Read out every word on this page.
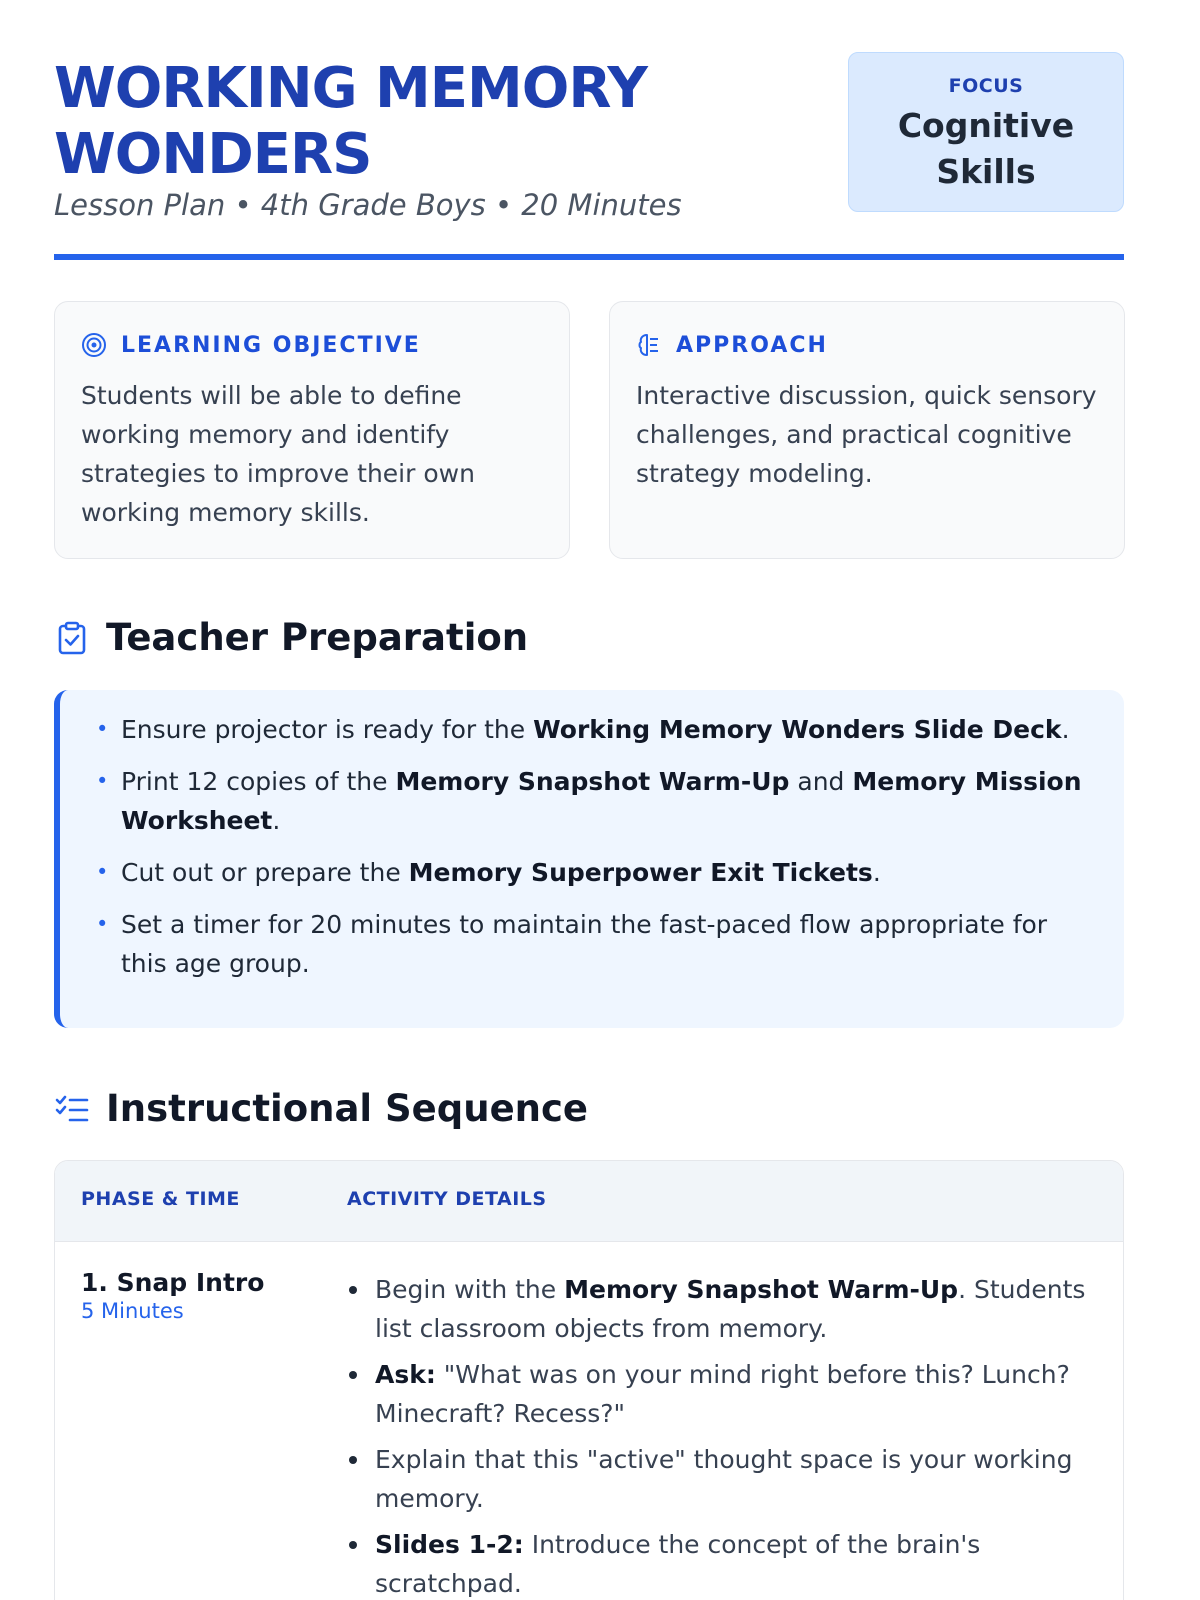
WORKING MEMORY
WONDERS
Lesson Plan • 4th Grade Boys • 20 Minutes
FOCUS
Cognitive
Skills
LEARNING OBJECTIVE
Students will be able to define working memory and identify strategies to improve their own working memory skills.
APPROACH
Interactive discussion, quick sensory challenges, and practical cognitive strategy modeling.
Teacher Preparation
• Ensure projector is ready for the Working Memory Wonders Slide Deck.
• Print 12 copies of the Memory Snapshot Warm-Up and Memory Mission Worksheet.
• Cut out or prepare the Memory Superpower Exit Tickets.
• Set a timer for 20 minutes to maintain the fast-paced flow appropriate for this age group.
Instructional Sequence
PHASE & TIME	ACTIVITY DETAILS
1. Snap Intro
5 Minutes
Begin with the Memory Snapshot Warm-Up. Students list classroom objects from memory.
Ask: "What was on your mind right before this? Lunch? Minecraft? Recess?"
Explain that this "active" thought space is your working memory.
Slides 1-2: Introduce the concept of the brain's scratchpad.
